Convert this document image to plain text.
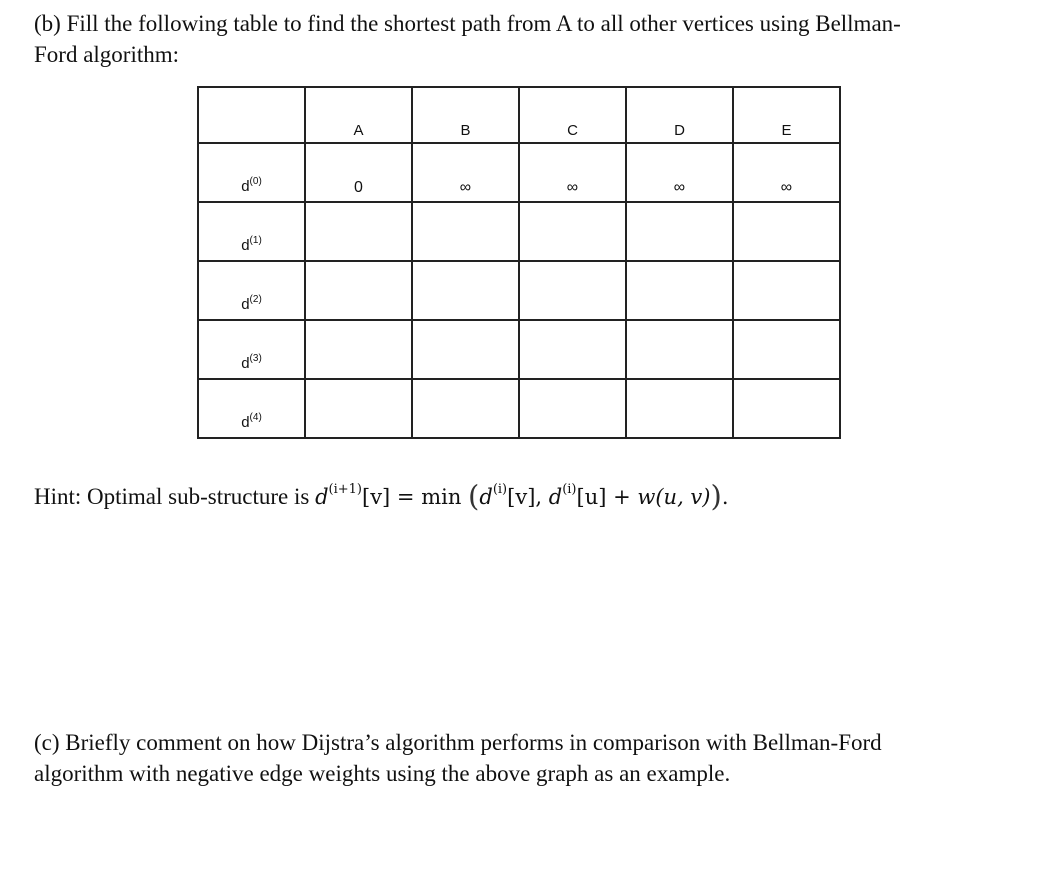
(b) Fill the following table to find the shortest path from A to all other vertices using Bellman-
Ford algorithm:
	A	B	C	D	E
$d^{(0)}$	0	∞	∞	∞	∞
$d^{(1)}$					
$d^{(2)}$					
$d^{(3)}$					
$d^{(4)}$					
Hint: Optimal sub-structure is $d^{(i+1)}[v] = \min (d^{(i)}[v]$, $d^{(i)}[u] + w(u$, v)).
(c) Briefly comment on how Dijstra’s algorithm performs in comparison with Bellman-Ford
algorithm with negative edge weights using the above graph as an example.
